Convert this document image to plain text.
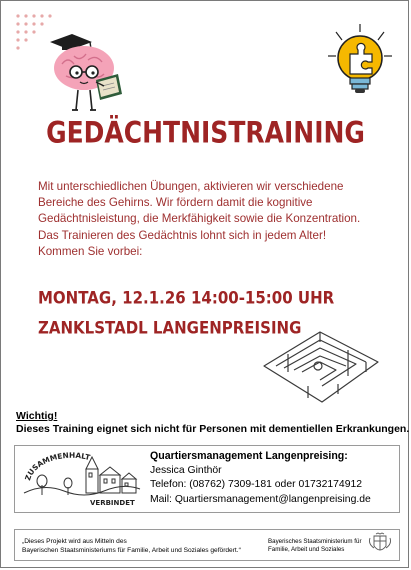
GEDÄCHTNISTRAINING
Mit unterschiedlichen Übungen, aktivieren wir verschiedene
Bereiche des Gehirns. Wir fördern damit die kognitive
Gedächtnisleistung, die Merkfähigkeit sowie die Konzentration.
Das Trainieren des Gedächtnis lohnt sich in jedem Alter!
Kommen Sie vorbei:
MONTAG, 12.1.26 14:00-15:00 UHR
ZANKLSTADL LANGENPREISING
Wichtig!
Dieses Training eignet sich nicht für Personen mit dementiellen Erkrankungen.
ZUSAMMENHALT
VERBINDET
Quartiersmanagement Langenpreising:
Jessica Ginthör
Telefon: (08762) 7309-181 oder 01732174912
Mail: Quartiersmanagement@langenpreising.de
„Dieses Projekt wird aus Mitteln des
Bayerischen Staatsministeriums für Familie, Arbeit und Soziales gefördert.“
Bayerisches Staatsministerium für
Familie, Arbeit und Soziales
